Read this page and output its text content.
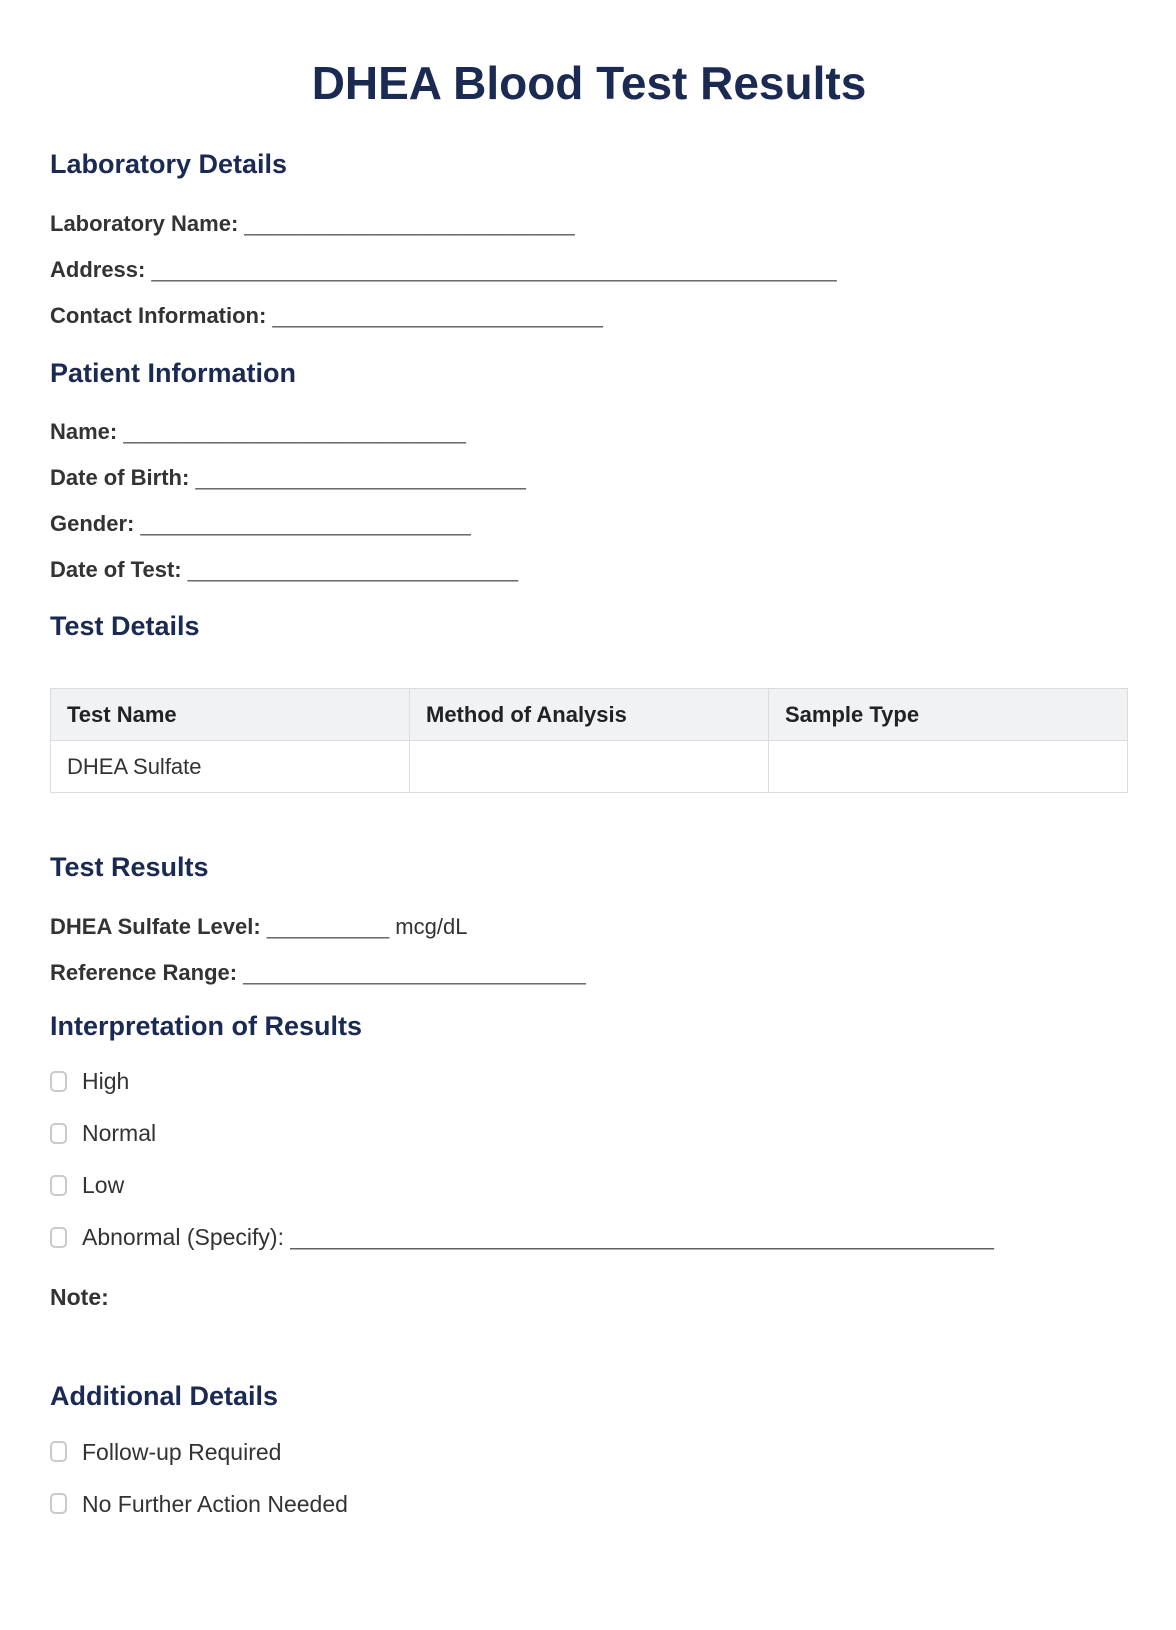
DHEA Blood Test Results
Laboratory Details
Laboratory Name: ___________________________
Address: ________________________________________________________
Contact Information: ___________________________
Patient Information
Name: ____________________________
Date of Birth: ___________________________
Gender: ___________________________
Date of Test: ___________________________
Test Details
Test Name	Method of Analysis	Sample Type
DHEA Sulfate		
Test Results
DHEA Sulfate Level: __________ mcg/dL
Reference Range: ____________________________
Interpretation of Results
High
Normal
Low
Abnormal (Specify):
_______________________________________________________
Note:
Additional Details
Follow-up Required
No Further Action Needed
